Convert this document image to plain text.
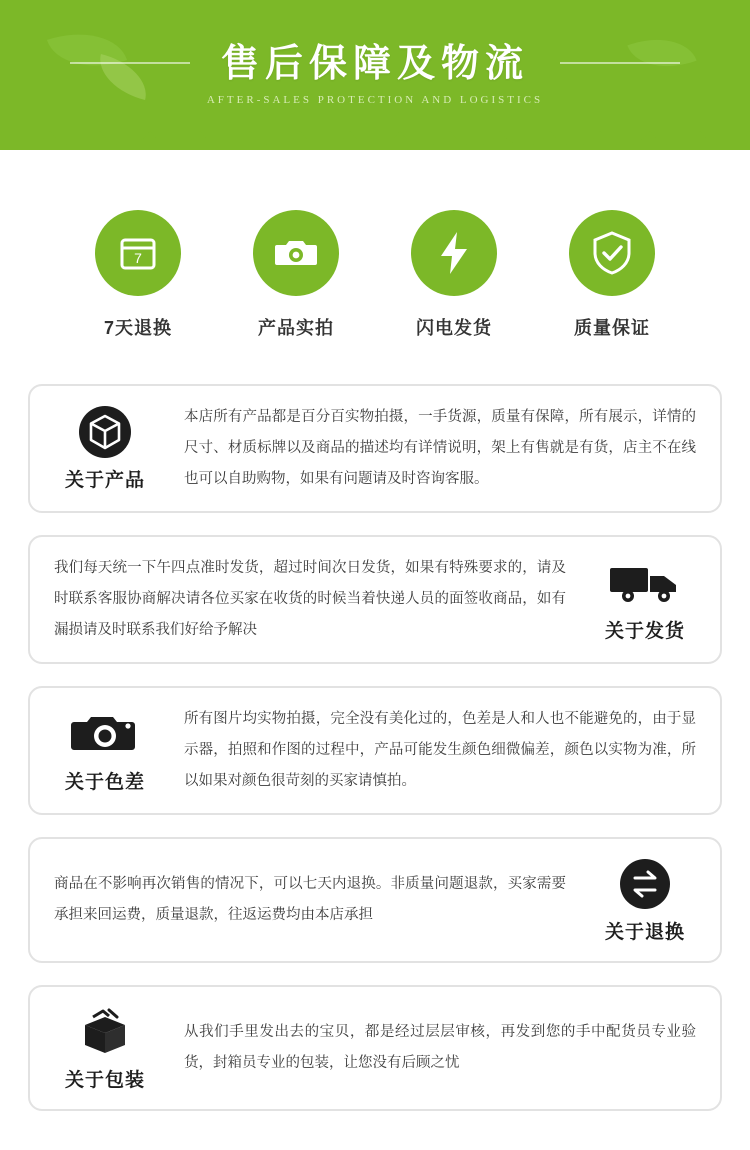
售后保障及物流
AFTER-SALES PROTECTION AND LOGISTICS
7
7天退换	产品实拍	闪电发货	质量保证
关于产品
本店所有产品都是百分百实物拍摄，一手货源，质量有保障，所有展示，详情的尺寸、材质标牌以及商品的描述均有详情说明，架上有售就是有货，店主不在线也可以自助购物，如果有问题请及时咨询客服。
关于发货
我们每天统一下午四点准时发货，超过时间次日发货，如果有特殊要求的，请及时联系客服协商解决请各位买家在收货的时候当着快递人员的面签收商品，如有漏损请及时联系我们好给予解决
关于色差
所有图片均实物拍摄，完全没有美化过的，色差是人和人也不能避免的，由于显示器，拍照和作图的过程中，产品可能发生颜色细微偏差，颜色以实物为准，所以如果对颜色很苛刻的买家请慎拍。
关于退换
商品在不影响再次销售的情况下，可以七天内退换。非质量问题退款，买家需要承担来回运费，质量退款，往返运费均由本店承担
关于包装
从我们手里发出去的宝贝，都是经过层层审核，再发到您的手中配货员专业验货，封箱员专业的包装，让您没有后顾之忧
